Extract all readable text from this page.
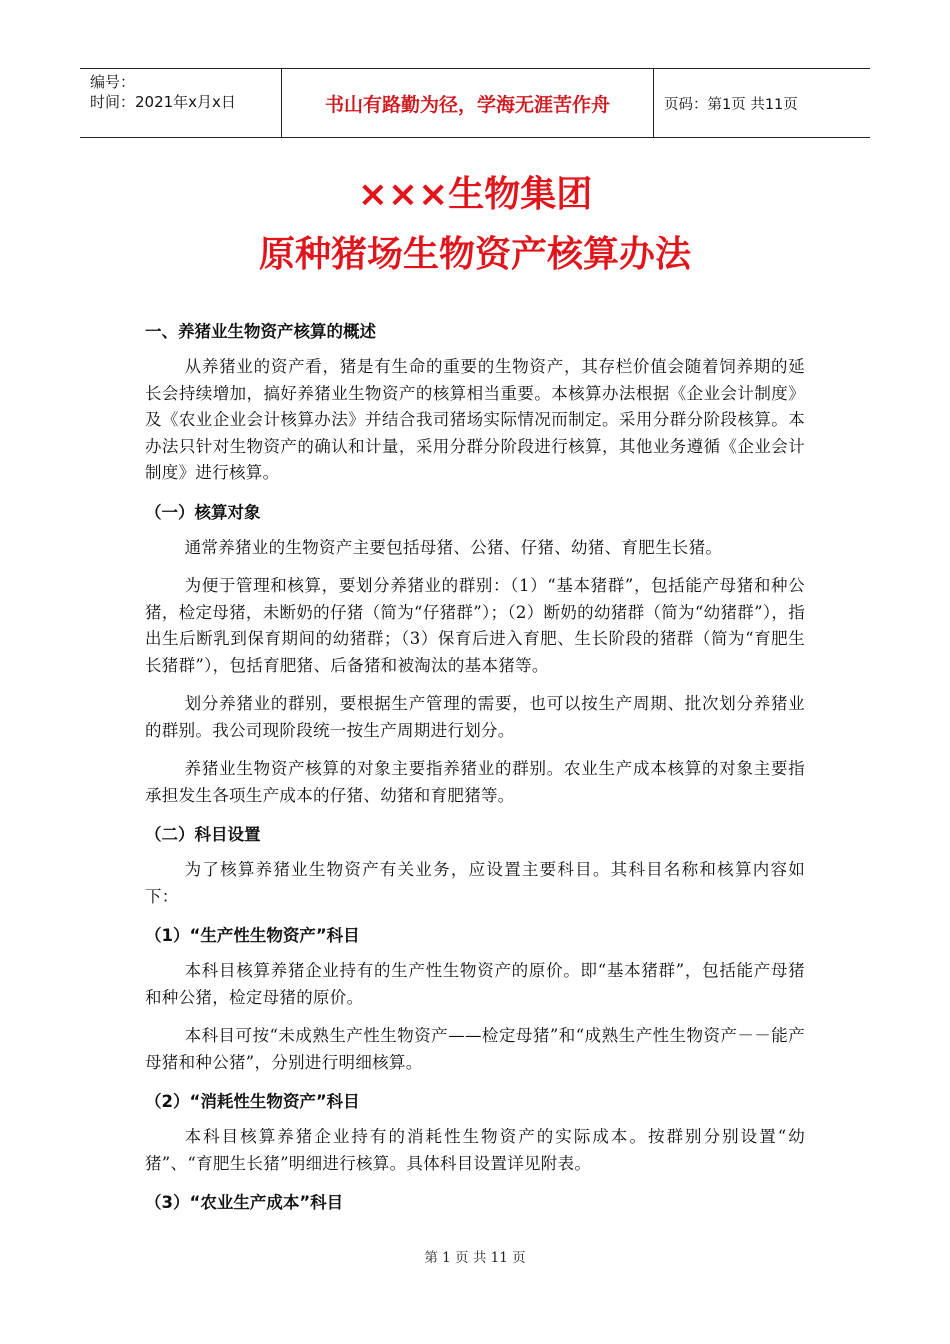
编号：
时间：2021年x月x日	书山有路勤为径，学海无涯苦作舟	页码：第1页 共11页
×××生物集团
原种猪场生物资产核算办法
一、养猪业生物资产核算的概述
从养猪业的资产看，猪是有生命的重要的生物资产，其存栏价值会随着饲养期的延长会持续增加，搞好养猪业生物资产的核算相当重要。本核算办法根据《企业会计制度》及《农业企业会计核算办法》并结合我司猪场实际情况而制定。采用分群分阶段核算。本办法只针对生物资产的确认和计量，采用分群分阶段进行核算，其他业务遵循《企业会计制度》进行核算。
（一）核算对象
通常养猪业的生物资产主要包括母猪、公猪、仔猪、幼猪、育肥生长猪。
为便于管理和核算，要划分养猪业的群别：（1）“基本猪群”，包括能产母猪和种公猪，检定母猪，未断奶的仔猪（简为“仔猪群”）；（2）断奶的幼猪群（简为“幼猪群”），指出生后断乳到保育期间的幼猪群；（3）保育后进入育肥、生长阶段的猪群（简为“育肥生长猪群”），包括育肥猪、后备猪和被淘汰的基本猪等。
划分养猪业的群别，要根据生产管理的需要，也可以按生产周期、批次划分养猪业的群别。我公司现阶段统一按生产周期进行划分。
养猪业生物资产核算的对象主要指养猪业的群别。农业生产成本核算的对象主要指承担发生各项生产成本的仔猪、幼猪和育肥猪等。
（二）科目设置
为了核算养猪业生物资产有关业务，应设置主要科目。其科目名称和核算内容如下：
（1）“生产性生物资产”科目
本科目核算养猪企业持有的生产性生物资产的原价。即“基本猪群”，包括能产母猪和种公猪，检定母猪的原价。
本科目可按“未成熟生产性生物资产——检定母猪”和“成熟生产性生物资产－－能产母猪和种公猪”，分别进行明细核算。
（2）“消耗性生物资产”科目
本科目核算养猪企业持有的消耗性生物资产的实际成本。按群别分别设置“幼猪”、“育肥生长猪”明细进行核算。具体科目设置详见附表。
（3）“农业生产成本”科目
第 1 页 共 11 页
